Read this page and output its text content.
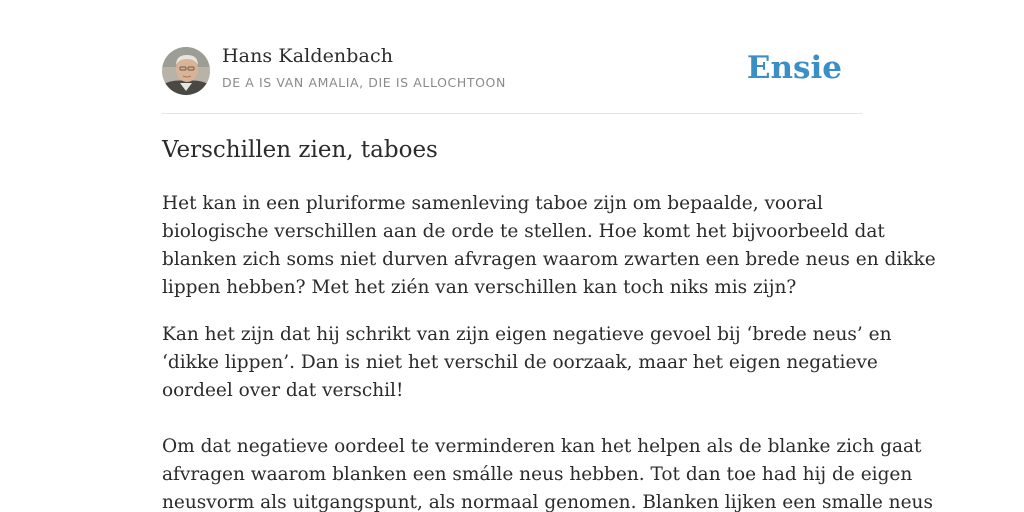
Hans Kaldenbach
DE A IS VAN AMALIA, DIE IS ALLOCHTOON	Ensie
Verschillen zien, taboes

Het kan in een pluriforme samenleving taboe zijn om bepaalde, vooral
biologische verschillen aan de orde te stellen. Hoe komt het bijvoorbeeld dat
blanken zich soms niet durven afvragen waarom zwarten een brede neus en dikke
lippen hebben? Met het zién van verschillen kan toch niks mis zijn?

Kan het zijn dat hij schrikt van zijn eigen negatieve gevoel bij ‘brede neus’ en
‘dikke lippen’. Dan is niet het verschil de oorzaak, maar het eigen negatieve
oordeel over dat verschil!

Om dat negatieve oordeel te verminderen kan het helpen als de blanke zich gaat
afvragen waarom blanken een smálle neus hebben. Tot dan toe had hij de eigen
neusvorm als uitgangspunt, als normaal genomen. Blanken lijken een smalle neus
